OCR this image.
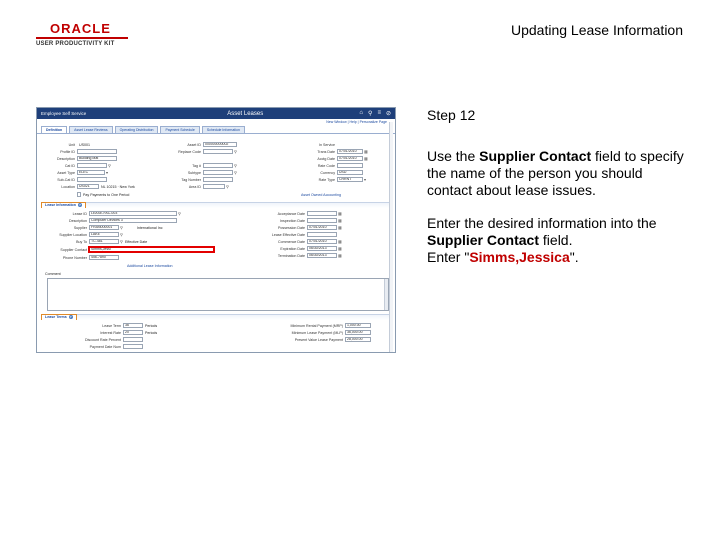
ORACLE
USER PRODUCTIVITY KIT
Updating Lease Information
Employee Self Service	Asset Leases	⌂ ⚲ ≡ ⊘
New Window | Help | Personalize Page
Definition	Asset Lease Reviews	Operating Distribution	Payment Schedule	Schedule Information
Unit	US001
Profile ID
Description	Building Mat
Cat ID	⚲
Asset Type	ELEC	▾
Sub-Cat ID
Location	US021	NL 10215 · New York
Pay Payments to One Period
Asset ID	000000000002
Replace Code	⚲
Tag #	⚲
Subtype	⚲
Tag Number
Area ID	⚲
In Service
Trans Date	07/01/2010	▦
Acctg Date	07/01/2010	▦
Rate Code
Currency	USD
Rate Type	CRRNT	▾
Asset Owned Accounting
Lease Information ?
Lease ID	LEASE-FAC-003	⚲
Description	Computer Devices 3
Supplier	FRAN000001	⚲	International Inc
Supplier Location	LAKE	⚲
Buy To	TC-481	⚲ Effective Date
Supplier Contact	Simms,Jessi
Phone Number	456-7890
Additional Lease Information
Acceptance Date	▦
Inspection Date	▦
Possession Date	07/01/2010	▦
Lease Effective Date
Commence Date	07/01/2010	▦
Expiration Date	06/30/2013	▦
Termination Date	06/30/2013	▦
Comment
Lease Terms ?
Lease Term	36	Periods
Interest Rate	20	Periods
Discount Rate Percent
Payment Date Num
Minimum Rental Payment (MRP)	1,000.00
Minimum Lease Payment (MLP)	36,000.00
Present Value Lease Payment	28,000.00
Step 12
Use the Supplier Contact field to specify the name of the person you should contact about lease issues.
Enter the desired information into the Supplier Contact field.
Enter "Simms,Jessica".
